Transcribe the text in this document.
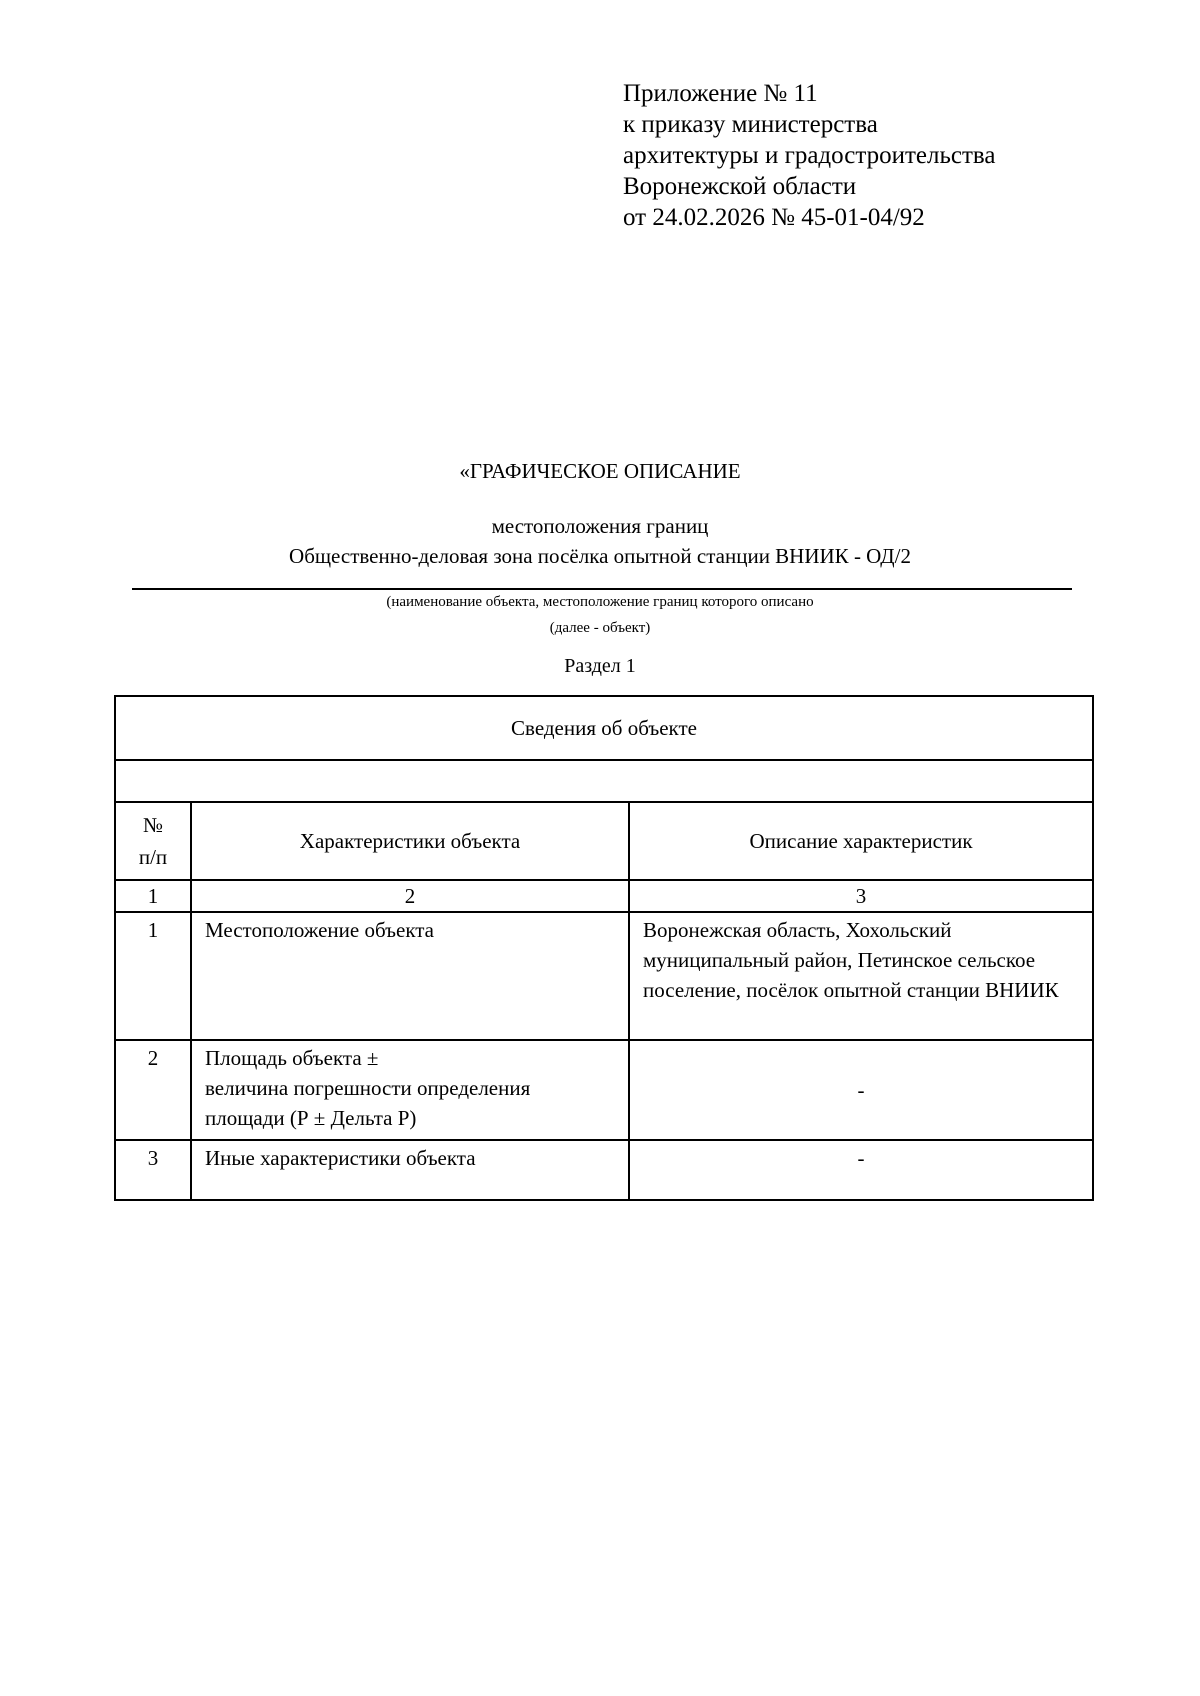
Приложение № 11
к приказу министерства
архитектуры и градостроительства
Воронежской области
от 24.02.2026 № 45-01-04/92
«ГРАФИЧЕСКОЕ ОПИСАНИЕ
местоположения границ
Общественно-деловая зона посёлка опытной станции ВНИИК - ОД/2
(наименование объекта, местоположение границ которого описано
(далее - объект)
Раздел 1
Сведения об объекте		

№
п/п	Характеристики объекта	Описание характеристик
1	2	3
1	Местоположение объекта	Воронежская область, Хохольский муниципальный район, Петинское сельское поселение, посёлок опытной станции ВНИИК
2	Площадь объекта ±
величина погрешности определения
площади (Р ± Дельта Р)	-
3	Иные характеристики объекта	-
